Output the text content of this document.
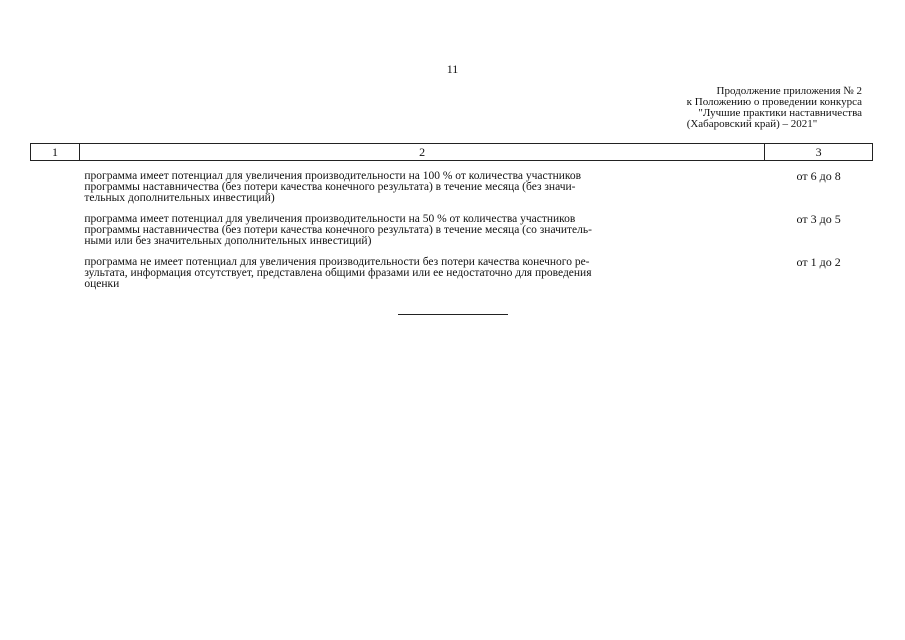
11
Продолжение приложения № 2
к Положению о проведении конкурса
"Лучшие практики наставничества
(Хабаровский край) – 2021"
1	2	3

	программа имеет потенциал для увеличения производительности на 100 % от количества участников
программы наставничества (без потери качества конечного результата) в течение месяца (без значи-
тельных дополнительных инвестиций)	от 6 до 8

	программа имеет потенциал для увеличения производительности на 50 % от количества участников
программы наставничества (без потери качества конечного результата) в течение месяца (со значитель-
ными или без значительных дополнительных инвестиций)	от 3 до 5

	программа не имеет потенциал для увеличения производительности без потери качества конечного ре-
зультата, информация отсутствует, представлена общими фразами или ее недостаточно для проведения
оценки	от 1 до 2
